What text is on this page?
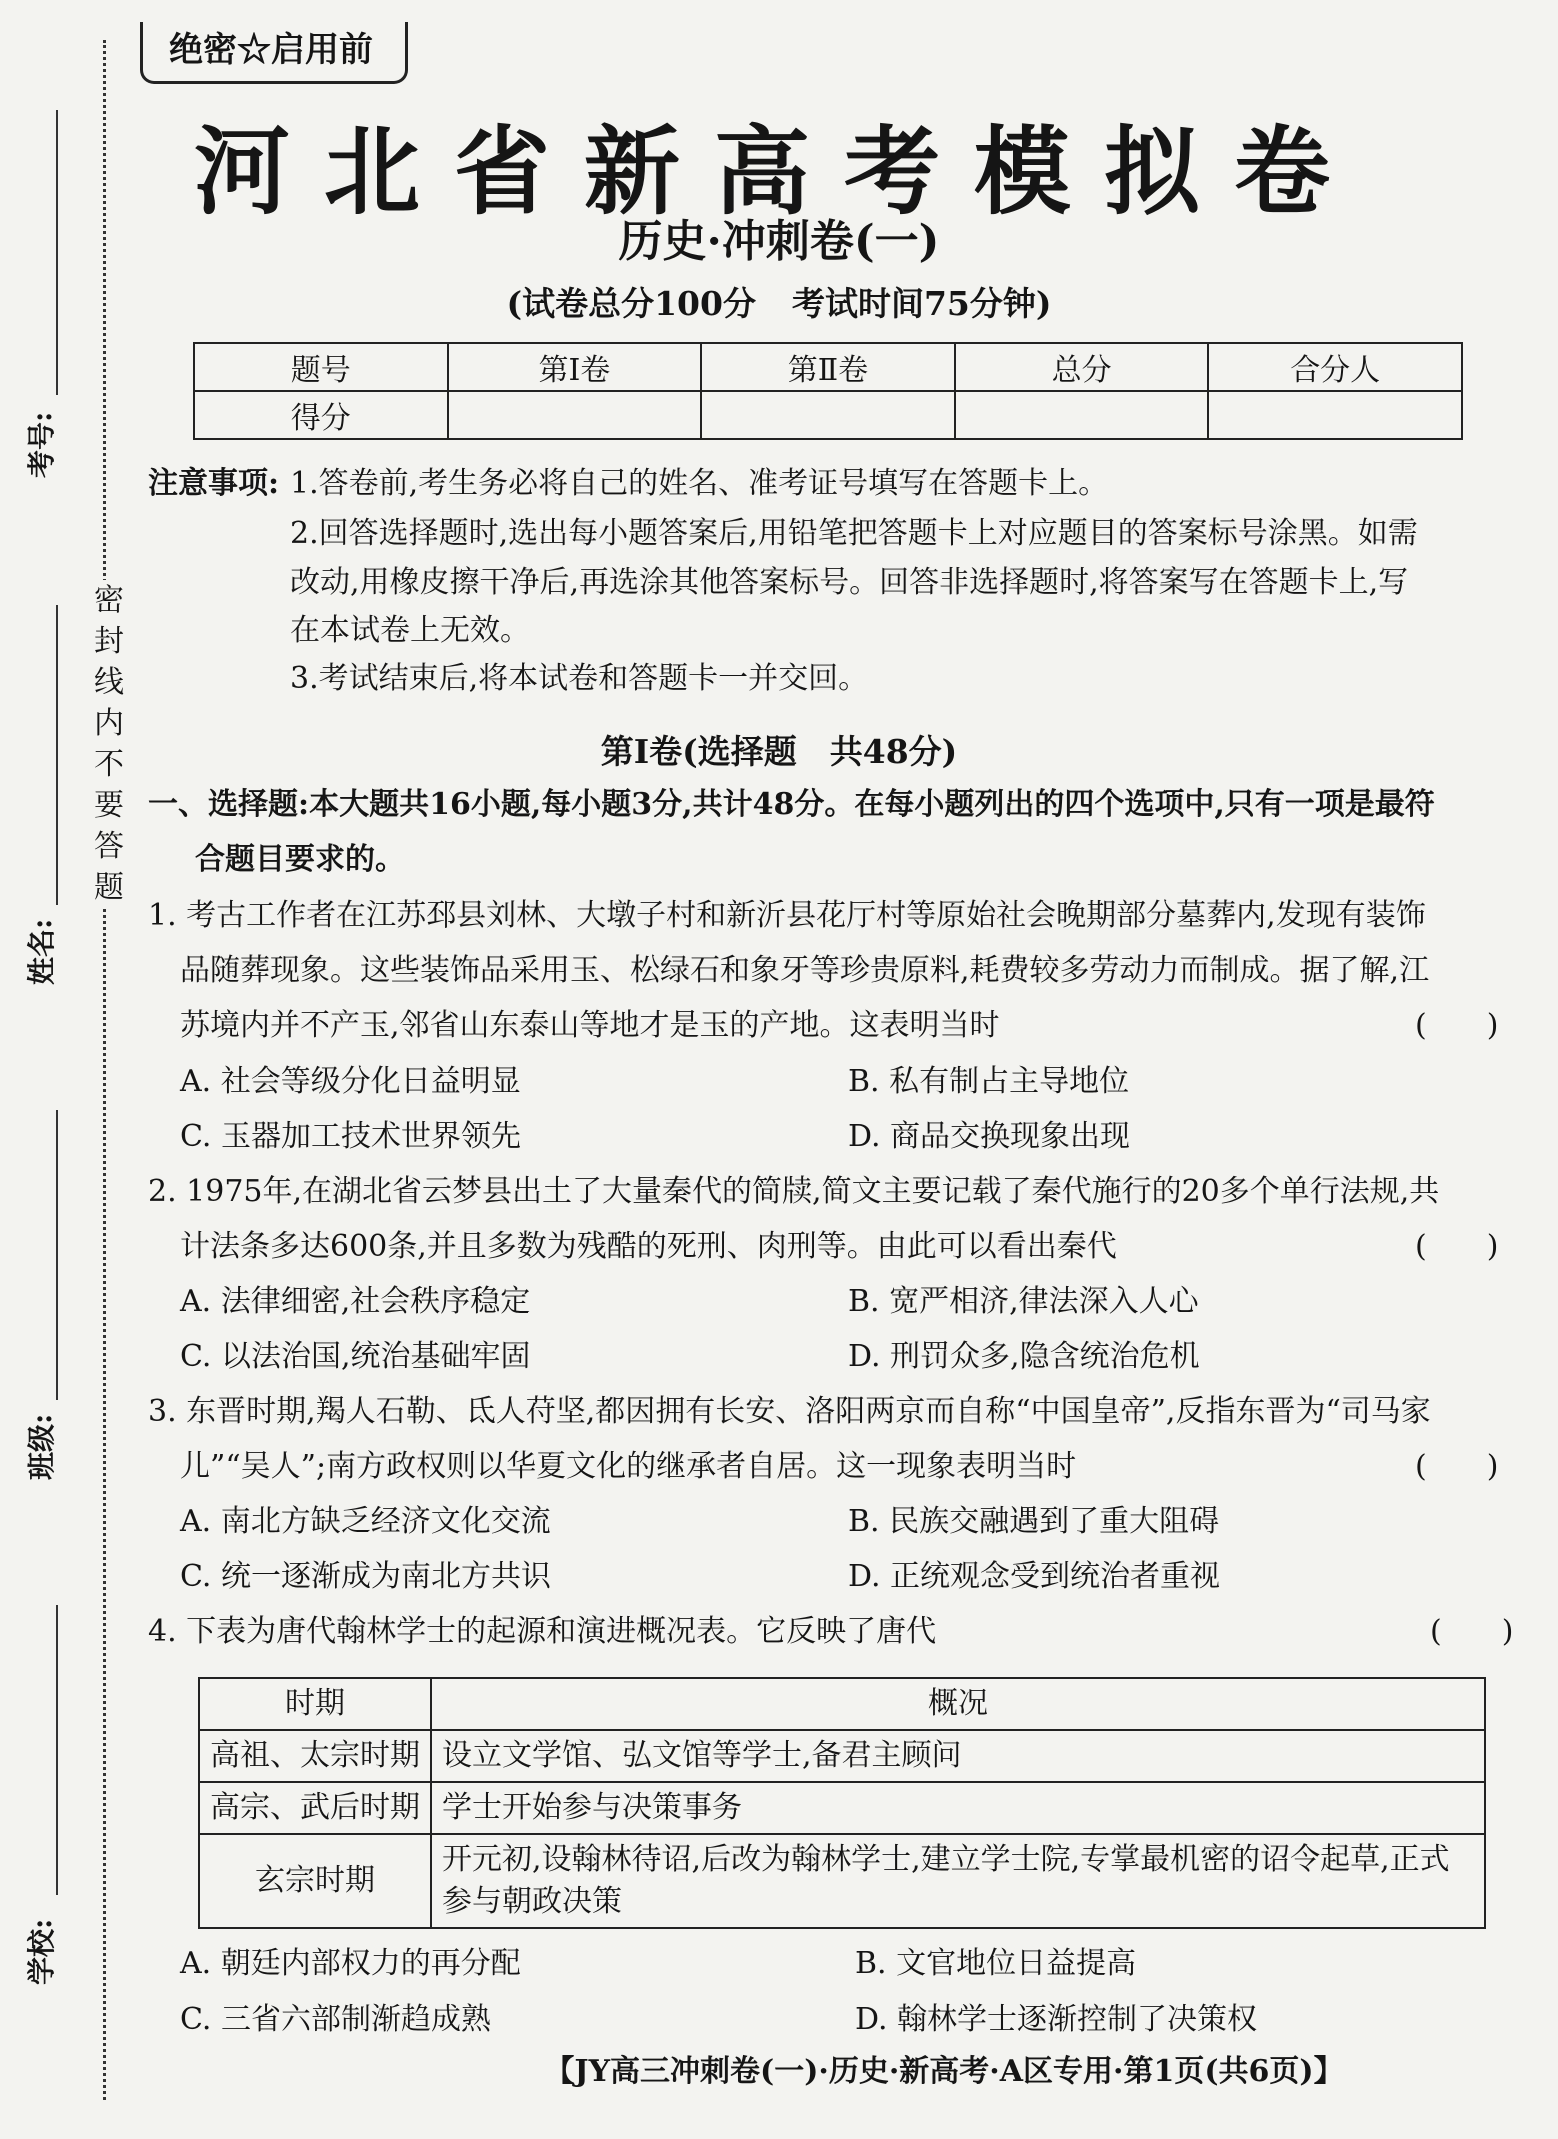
密
封
线
内
不
要
答
题
考号:
姓名:
班级:
学校:
绝密☆启用前
河北省新高考模拟卷
历史·冲刺卷(一)
(试卷总分100分 考试时间75分钟)
题号	第Ⅰ卷	第Ⅱ卷	总分	合分人
得分				
注意事项: 1.答卷前,考生务必将自己的姓名、准考证号填写在答题卡上。
2.回答选择题时,选出每小题答案后,用铅笔把答题卡上对应题目的答案标号涂黑。如需
改动,用橡皮擦干净后,再选涂其他答案标号。回答非选择题时,将答案写在答题卡上,写
在本试卷上无效。
3.考试结束后,将本试卷和答题卡一并交回。
第Ⅰ卷(选择题　共48分)
一、选择题:本大题共16小题,每小题3分,共计48分。在每小题列出的四个选项中,只有一项是最符
合题目要求的。
1. 考古工作者在江苏邳县刘林、大墩子村和新沂县花厅村等原始社会晚期部分墓葬内,发现有装饰
品随葬现象。这些装饰品采用玉、松绿石和象牙等珍贵原料,耗费较多劳动力而制成。据了解,江
苏境内并不产玉,邻省山东泰山等地才是玉的产地。这表明当时	(　　)
A. 社会等级分化日益明显	B. 私有制占主导地位
C. 玉器加工技术世界领先	D. 商品交换现象出现
2. 1975年,在湖北省云梦县出土了大量秦代的简牍,简文主要记载了秦代施行的20多个单行法规,共
计法条多达600条,并且多数为残酷的死刑、肉刑等。由此可以看出秦代	(　　)
A. 法律细密,社会秩序稳定	B. 宽严相济,律法深入人心
C. 以法治国,统治基础牢固	D. 刑罚众多,隐含统治危机
3. 东晋时期,羯人石勒、氐人苻坚,都因拥有长安、洛阳两京而自称“中国皇帝”,反指东晋为“司马家
儿”“吴人”;南方政权则以华夏文化的继承者自居。这一现象表明当时	(　　)
A. 南北方缺乏经济文化交流	B. 民族交融遇到了重大阻碍
C. 统一逐渐成为南北方共识	D. 正统观念受到统治者重视
4. 下表为唐代翰林学士的起源和演进概况表。它反映了唐代	(　　)
时期	概况
高祖、太宗时期	设立文学馆、弘文馆等学士,备君主顾问
高宗、武后时期	学士开始参与决策事务
玄宗时期	开元初,设翰林待诏,后改为翰林学士,建立学士院,专掌最机密的诏令起草,正式参与朝政决策
A. 朝廷内部权力的再分配	B. 文官地位日益提高
C. 三省六部制渐趋成熟	D. 翰林学士逐渐控制了决策权
【JY高三冲刺卷(一)·历史·新高考·A区专用·第1页(共6页)】
